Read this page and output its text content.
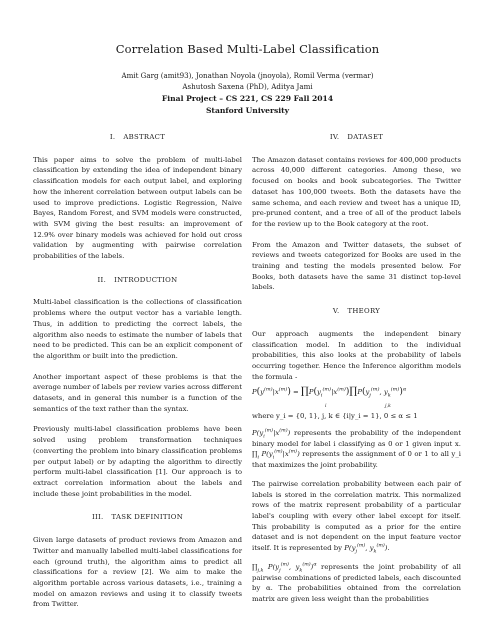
Correlation Based Multi-Label Classification
Amit Garg (amit93), Jonathan Noyola (jnoyola), Romil Verma (vermar)
Ashutosh Saxena (PhD), Aditya Jami
Final Project – CS 221, CS 229 Fall 2014
Stanford University
I. ABSTRACT

This paper aims to solve the problem of multi-label classification by extending the idea of independent binary classification models for each output label, and exploring how the inherent correlation between output labels can be used to improve predictions. Logistic Regression, Naive Bayes, Random Forest, and SVM models were constructed, with SVM giving the best results: an improvement of 12.9% over binary models was achieved for hold out cross validation by augmenting with pairwise correlation probabilities of the labels.

II. INTRODUCTION

Multi-label classification is the collections of classification problems where the output vector has a variable length. Thus, in addition to predicting the correct labels, the algorithm also needs to estimate the number of labels that need to be predicted. This can be an explicit component of the algorithm or built into the prediction.

Another important aspect of these problems is that the average number of labels per review varies across different datasets, and in general this number is a function of the semantics of the text rather than the syntax.

Previously multi-label classification problems have been solved using problem transformation techniques (converting the problem into binary classification problems per output label) or by adapting the algorithm to directly perform multi-label classification [1]. Our approach is to extract correlation information about the labels and include these joint probabilities in the model.

III. TASK DEFINITION

Given large datasets of product reviews from Amazon and Twitter and manually labelled multi-label classifications for each (ground truth), the algorithm aims to predict all classifications for a review [2]. We aim to make the algorithm portable across various datasets, i.e., training a model on amazon reviews and using it to classify tweets from Twitter.

IV. DATASET

The Amazon dataset contains reviews for 400,000 products across 40,000 different categories. Among these, we focused on books and book subcategories. The Twitter dataset has 100,000 tweets. Both the datasets have the same schema, and each review and tweet has a unique ID, pre-pruned content, and a tree of all of the product labels for the review up to the Book category at the root.

From the Amazon and Twitter datasets, the subset of reviews and tweets categorized for Books are used in the training and testing the models presented below. For Books, both datasets have the same 31 distinct top-level labels.

V. THEORY

Our approach augments the independent binary classification model. In addition to the individual probabilities, this also looks at the probability of labels occurring together. Hence the Inference algorithm models the formula -

$P(y^{(m)}|x^{(m)})$ = $\prod P(y_i^{(m)}|x^{(m)})\prod P(y_j^{(m)}$, $y_k^{(m)})^\alpha$
i	j,k

where y_i = {0, 1}, j, k ∈ {i|y_i = 1}, 0 ≤ α ≤ 1

$P(y_i^{(m)}|x^{(m)})$ represents the probability of the independent binary model for label i classifying as 0 or 1 given input x. $\prod_i$ $P(y_i^{(m)}|x^{(m)})$ represents the assignment of 0 or 1 to all y_i that maximizes the joint probability.

The pairwise correlation probability between each pair of labels is stored in the correlation matrix. This normalized rows of the matrix represent probability of a particular label's coupling with every other label except for itself. This probability is computed as a prior for the entire dataset and is not dependent on the input feature vector itself. It is represented by $P(y_j^{(m)}$, $y_k^{(m)}$).

$\prod_{j,k}$ $P(y_j^{(m)}$, $y_k^{(m)})^\alpha$ represents the joint probability of all pairwise combinations of predicted labels, each discounted by α. The probabilities obtained from the correlation matrix are given less weight than the probabilities
